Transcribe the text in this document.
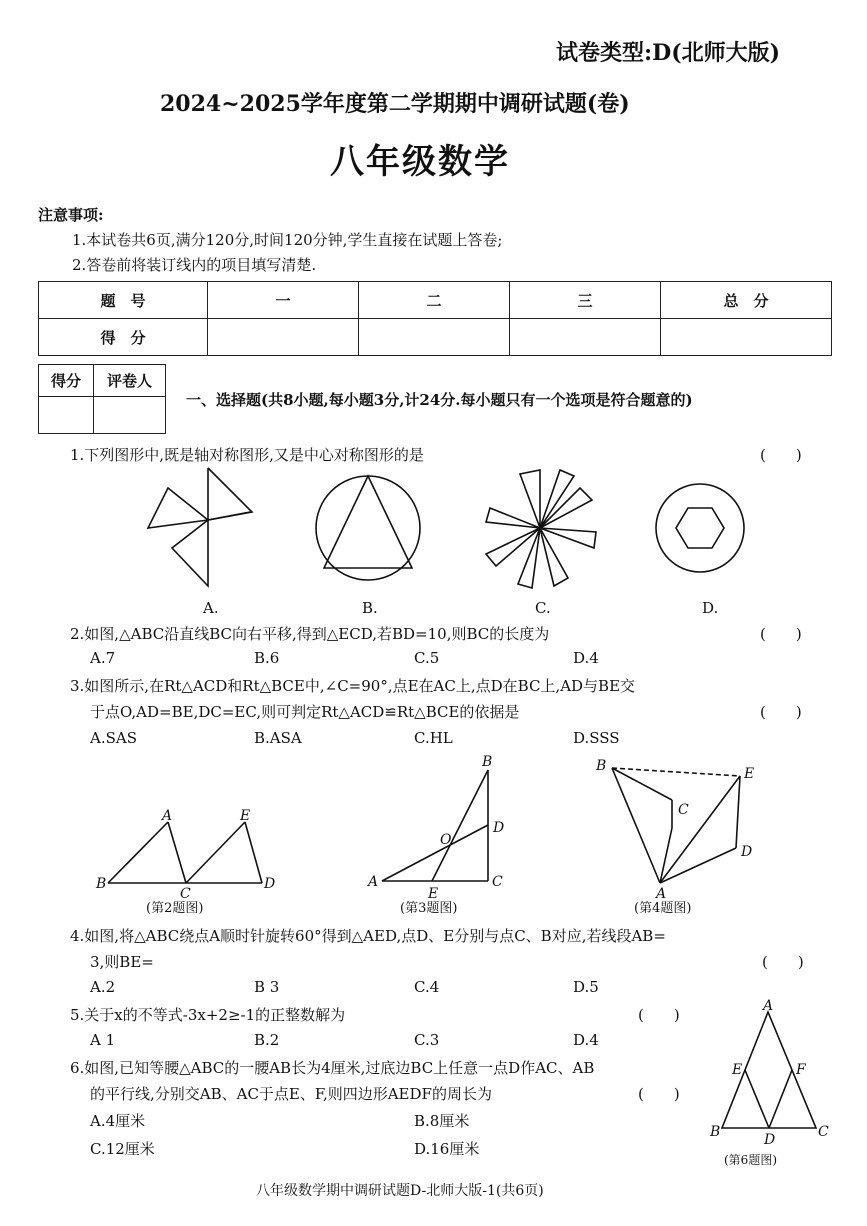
试卷类型:D(北师大版)
2024~2025学年度第二学期期中调研试题(卷)
八年级数学
注意事项:
1.本试卷共6页,满分120分,时间120分钟,学生直接在试题上答卷;
2.答卷前将装订线内的项目填写清楚.
题　号	一	二	三	总　分
得　分				
得分	评卷人

一、选择题(共8小题,每小题3分,计24分.每小题只有一个选项是符合题意的)
1.下列图形中,既是轴对称图形,又是中心对称图形的是	(　　)
A.	B.	C.	D.
2.如图,△ABC沿直线BC向右平移,得到△ECD,若BD=10,则BC的长度为	(　　)
A.7	B.6	C.5	D.4
3.如图所示,在Rt△ACD和Rt△BCE中,∠C=90°,点E在AC上,点D在BC上,AD与BE交
于点O,AD=BE,DC=EC,则可判定Rt△ACD≌Rt△BCE的依据是	(　　)
A.SAS	B.ASA	C.HL	D.SSS
A	E
B
C
D
B
D
O
A
E
C
B	E
C
D
A
(第2题图)	(第3题图)	(第4题图)
4.如图,将△ABC绕点A顺时针旋转60°得到△AED,点D、E分别与点C、B对应,若线段AB=
3,则BE=	(　　)
A.2	B 3	C.4	D.5
5.关于x的不等式-3x+2≥-1的正整数解为	(　　)
A 1	B.2	C.3	D.4
6.如图,已知等腰△ABC的一腰AB长为4厘米,过底边BC上任意一点D作AC、AB
的平行线,分别交AB、AC于点E、F,则四边形AEDF的周长为	(　　)
A.4厘米	B.8厘米
C.12厘米	D.16厘米
A
E	F
B	D	C
(第6题图)
八年级数学期中调研试题D-北师大版-1(共6页)
